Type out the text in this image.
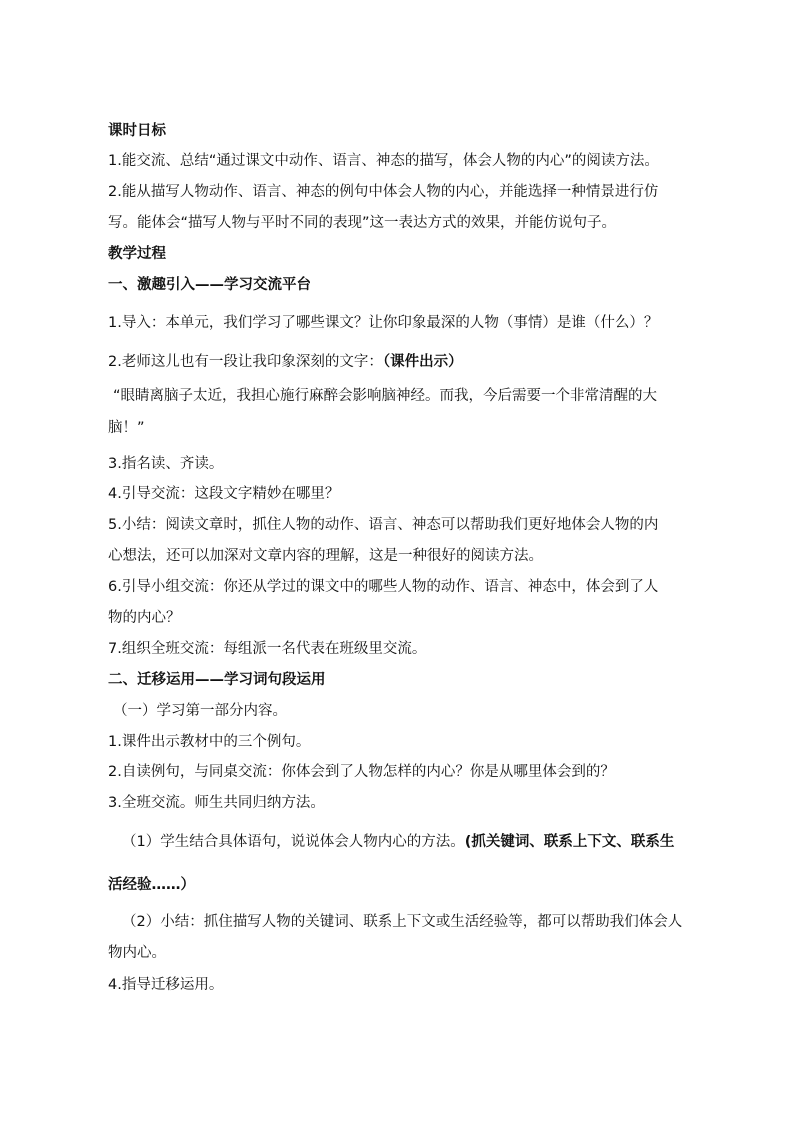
课时日标
1.能交流、总结“通过课文中动作、语言、神态的描写，体会人物的内心”的阅读方法。
2.能从描写人物动作、语言、神态的例句中体会人物的内心，并能选择一种情景进行仿
写。能体会“描写人物与平时不同的表现”这一表达方式的效果，并能仿说句子。
教学过程
一、激趣引入——学习交流平台
1.导入：本单元，我们学习了哪些课文？让你印象最深的人物（事情）是谁（什么）？
2.老师这儿也有一段让我印象深刻的文字：（课件出示）
“眼睛离脑子太近，我担心施行麻醉会影响脑神经。而我，今后需要一个非常清醒的大
脑！”
3.指名读、齐读。
4.引导交流：这段文字精妙在哪里？
5.小结：阅读文章时，抓住人物的动作、语言、神态可以帮助我们更好地体会人物的内
心想法，还可以加深对文章内容的理解，这是一种很好的阅读方法。
6.引导小组交流：你还从学过的课文中的哪些人物的动作、语言、神态中，体会到了人
物的内心？
7.组织全班交流：每组派一名代表在班级里交流。
二、迁移运用——学习词句段运用
（一）学习第一部分内容。
1.课件出示教材中的三个例句。
2.自读例句，与同桌交流：你体会到了人物怎样的内心？你是从哪里体会到的？
3.全班交流。师生共同归纳方法。
（1）学生结合具体语句，说说体会人物内心的方法。(抓关键词、联系上下文、联系生
活经验……）
（2）小结：抓住描写人物的关键词、联系上下文或生活经验等，都可以帮助我们体会人
物内心。
4.指导迁移运用。
